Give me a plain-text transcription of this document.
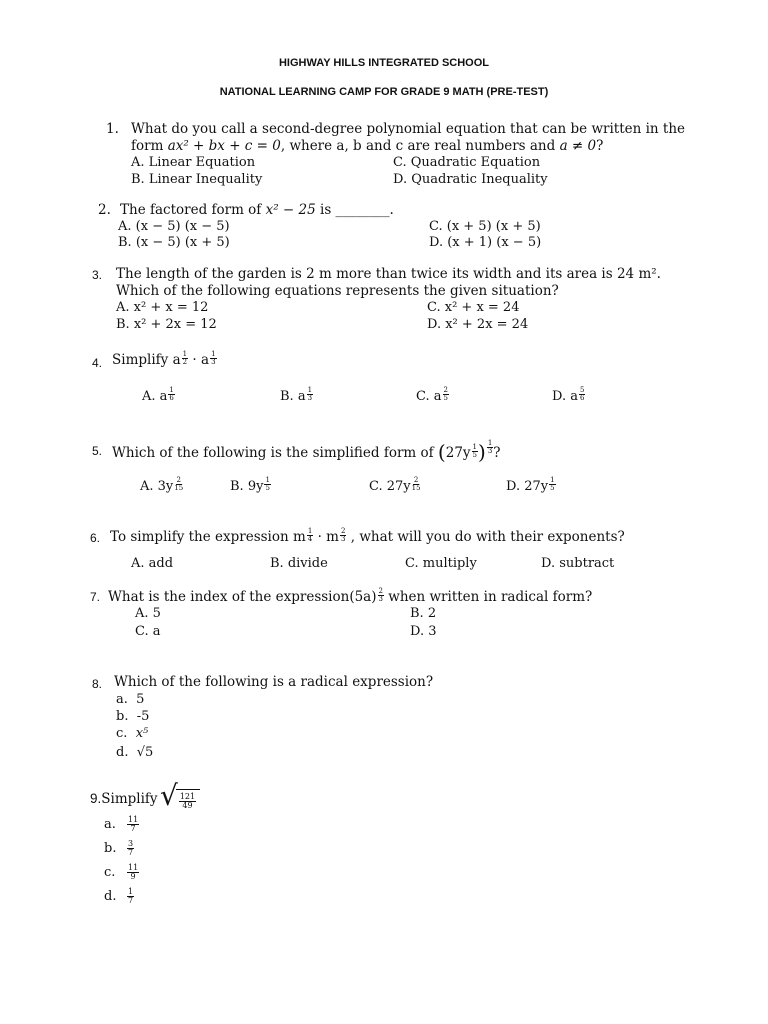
HIGHWAY HILLS INTEGRATED SCHOOL
NATIONAL LEARNING CAMP FOR GRADE 9 MATH (PRE-TEST)
1. What do you call a second-degree polynomial equation that can be written in the
form ax² + bx + c = 0, where a, b and c are real numbers and a ≠ 0?
A. Linear Equation	C. Quadratic Equation
B. Linear Inequality	D. Quadratic Inequality
2. The factored form of x² − 25 is ________.
A. (x − 5) (x − 5)	C. (x + 5) (x + 5)
B. (x − 5) (x + 5)	D. (x + 1) (x − 5)
3. The length of the garden is 2 m more than twice its width and its area is 24 m².
Which of the following equations represents the given situation?
A. x² + x = 12	C. x² + x = 24
B. x² + 2x = 12	D. x² + 2x = 24
4. Simplify a $\frac{1}{2} \cdot a \frac{1}{3}$
A. a $\frac{1}{6}$	B. a $\frac{1}{3}$	C. a $\frac{2}{5}$	D. a $\frac{5}{6}$
5. Which of the following is the simplified form of ($27y \frac{1}{5}$ ) $\frac{1}{3}$ ?
A. $3y \frac{2}{15}$	B. $9y \frac{1}{5}$	C. $27y \frac{2}{15}$	D. $27y \frac{1}{5}$
6. To simplify the expression m $\frac{1}{4} \cdot m \frac{2}{3}$ , what will you do with their exponents?
A. add	B. divide	C. multiply	D. subtract
7. What is the index of the expression(5a) $\frac{2}{3}$ when written in radical form?
A. 5	B. 2
C. a	D. 3
8. Which of the following is a radical expression?
a. 5
b. -5
c. x⁵
d. √5
9.Simplify √ $\frac{121}{49}$
a. $\frac{11}{7}$
b. $\frac{3}{7}$
c. $\frac{11}{9}$
d. $\frac{1}{7}$
